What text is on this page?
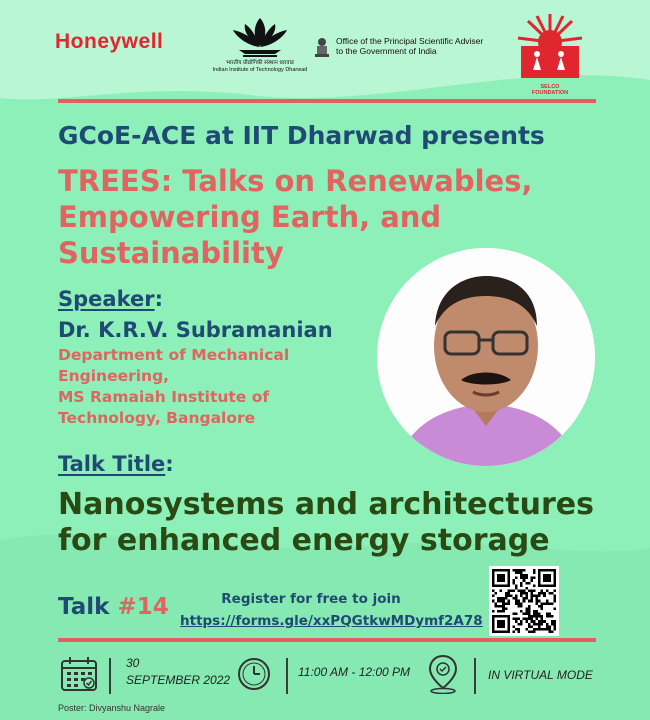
Honeywell
भारतीय प्रौद्योगिकी संस्थान धारवाड
Indian Institute of Technology Dharwad
Office of the Principal Scientific Adviser
to the Government of India
SELCO
FOUNDATION
GCoE-ACE at IIT Dharwad presents
TREES: Talks on Renewables, Empowering Earth, and Sustainability
Speaker:
Dr. K.R.V. Subramanian
Department of Mechanical
Engineering,
MS Ramaiah Institute of
Technology, Bangalore
Talk Title:
Nanosystems and architectures
for enhanced energy storage
Talk #14	Register for free to join
https://forms.gle/xxPQGtkwMDymf2A78
30
SEPTEMBER 2022
11:00 AM - 12:00 PM	IN VIRTUAL MODE
Poster: Divyanshu Nagrale
